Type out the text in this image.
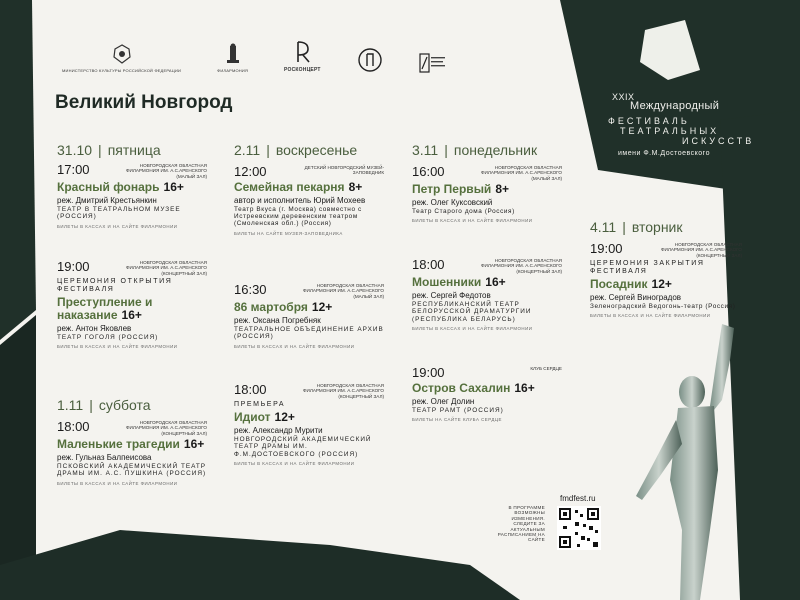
МИНИСТЕРСТВО КУЛЬТУРЫ РОССИЙСКОЙ ФЕДЕРАЦИИ	ФИЛАРМОНИЯ	РОСКОНЦЕРТ
Великий Новгород	XXIX
Международный
ФЕСТИВАЛЬ
ТЕАТРАЛЬНЫХ
ИСКУССТВ
имени Ф.М.Достоевского
31.10 | пятница
1.11 | суббота
2.11 | воскресенье	3.11 | понедельник
4.11 | вторник
17:00	НОВГОРОДСКАЯ ОБЛАСТНАЯ ФИЛАРМОНИЯ ИМ. А.С.АРЕНСКОГО (МАЛЫЙ ЗАЛ)
Красный фонарь 16+
реж. Дмитрий Крестьянкин
ТЕАТР В ТЕАТРАЛЬНОМ МУЗЕЕ (РОССИЯ)
БИЛЕТЫ В КАССАХ И НА САЙТЕ ФИЛАРМОНИИ
19:00	НОВГОРОДСКАЯ ОБЛАСТНАЯ ФИЛАРМОНИЯ ИМ. А.С.АРЕНСКОГО (КОНЦЕРТНЫЙ ЗАЛ)
ЦЕРЕМОНИЯ ОТКРЫТИЯ ФЕСТИВАЛЯ
Преступление и наказание 16+
реж. Антон Яковлев
ТЕАТР ГОГОЛЯ (РОССИЯ)
БИЛЕТЫ В КАССАХ И НА САЙТЕ ФИЛАРМОНИИ
18:00	НОВГОРОДСКАЯ ОБЛАСТНАЯ ФИЛАРМОНИЯ ИМ. А.С.АРЕНСКОГО (КОНЦЕРТНЫЙ ЗАЛ)
Маленькие трагедии 16+
реж. Гульназ Балпеисова
ПСКОВСКИЙ АКАДЕМИЧЕСКИЙ ТЕАТР ДРАМЫ ИМ. А.С. ПУШКИНА (РОССИЯ)
БИЛЕТЫ В КАССАХ И НА САЙТЕ ФИЛАРМОНИИ
12:00	ДЕТСКИЙ НОВГОРОДСКИЙ МУЗЕЙ-ЗАПОВЕДНИК
Семейная пекарня 8+
автор и исполнитель Юрий Мохеев
Театр Вкуса (г. Москва) совместно с Истреевским деревенским театром (Смоленская обл.) (Россия)
БИЛЕТЫ НА САЙТЕ МУЗЕЯ-ЗАПОВЕДНИКА
16:30	НОВГОРОДСКАЯ ОБЛАСТНАЯ ФИЛАРМОНИЯ ИМ. А.С.АРЕНСКОГО (МАЛЫЙ ЗАЛ)
86 мартобря 12+
реж. Оксана Погребняк
ТЕАТРАЛЬНОЕ ОБЪЕДИНЕНИЕ АРХИВ (РОССИЯ)
БИЛЕТЫ В КАССАХ И НА САЙТЕ ФИЛАРМОНИИ
18:00	НОВГОРОДСКАЯ ОБЛАСТНАЯ ФИЛАРМОНИЯ ИМ. А.С.АРЕНСКОГО (КОНЦЕРТНЫЙ ЗАЛ)
ПРЕМЬЕРА
Идиот 12+
реж. Александр Мурити
НОВГОРОДСКИЙ АКАДЕМИЧЕСКИЙ ТЕАТР ДРАМЫ ИМ. Ф.М.ДОСТОЕВСКОГО (РОССИЯ)
БИЛЕТЫ В КАССАХ И НА САЙТЕ ФИЛАРМОНИИ
16:00	НОВГОРОДСКАЯ ОБЛАСТНАЯ ФИЛАРМОНИЯ ИМ. А.С.АРЕНСКОГО (МАЛЫЙ ЗАЛ)
Петр Первый 8+
реж. Олег Куксовский
Театр Старого дома (Россия)
БИЛЕТЫ В КАССАХ И НА САЙТЕ ФИЛАРМОНИИ
18:00	НОВГОРОДСКАЯ ОБЛАСТНАЯ ФИЛАРМОНИЯ ИМ. А.С.АРЕНСКОГО (КОНЦЕРТНЫЙ ЗАЛ)
Мошенники 16+
реж. Сергей Федотов
РЕСПУБЛИКАНСКИЙ ТЕАТР БЕЛОРУССКОЙ ДРАМАТУРГИИ (РЕСПУБЛИКА БЕЛАРУСЬ)
БИЛЕТЫ В КАССАХ И НА САЙТЕ ФИЛАРМОНИИ
19:00	КЛУБ СЕРДЦЕ
Остров Сахалин 16+
реж. Олег Долин
ТЕАТР РАМТ (РОССИЯ)
БИЛЕТЫ НА САЙТЕ КЛУБА СЕРДЦЕ
19:00	НОВГОРОДСКАЯ ОБЛАСТНАЯ ФИЛАРМОНИЯ ИМ. А.С.АРЕНСКОГО (КОНЦЕРТНЫЙ ЗАЛ)
ЦЕРЕМОНИЯ ЗАКРЫТИЯ ФЕСТИВАЛЯ
Посадник 12+
реж. Сергей Виноградов
Зеленоградский Ведогонь-театр (Россия)
БИЛЕТЫ В КАССАХ И НА САЙТЕ ФИЛАРМОНИИ
В ПРОГРАММЕ ВОЗМОЖНЫ ИЗМЕНЕНИЯ. СЛЕДИТЕ ЗА АКТУАЛЬНЫМ РАСПИСАНИЕМ НА САЙТЕ
fmdfest.ru
